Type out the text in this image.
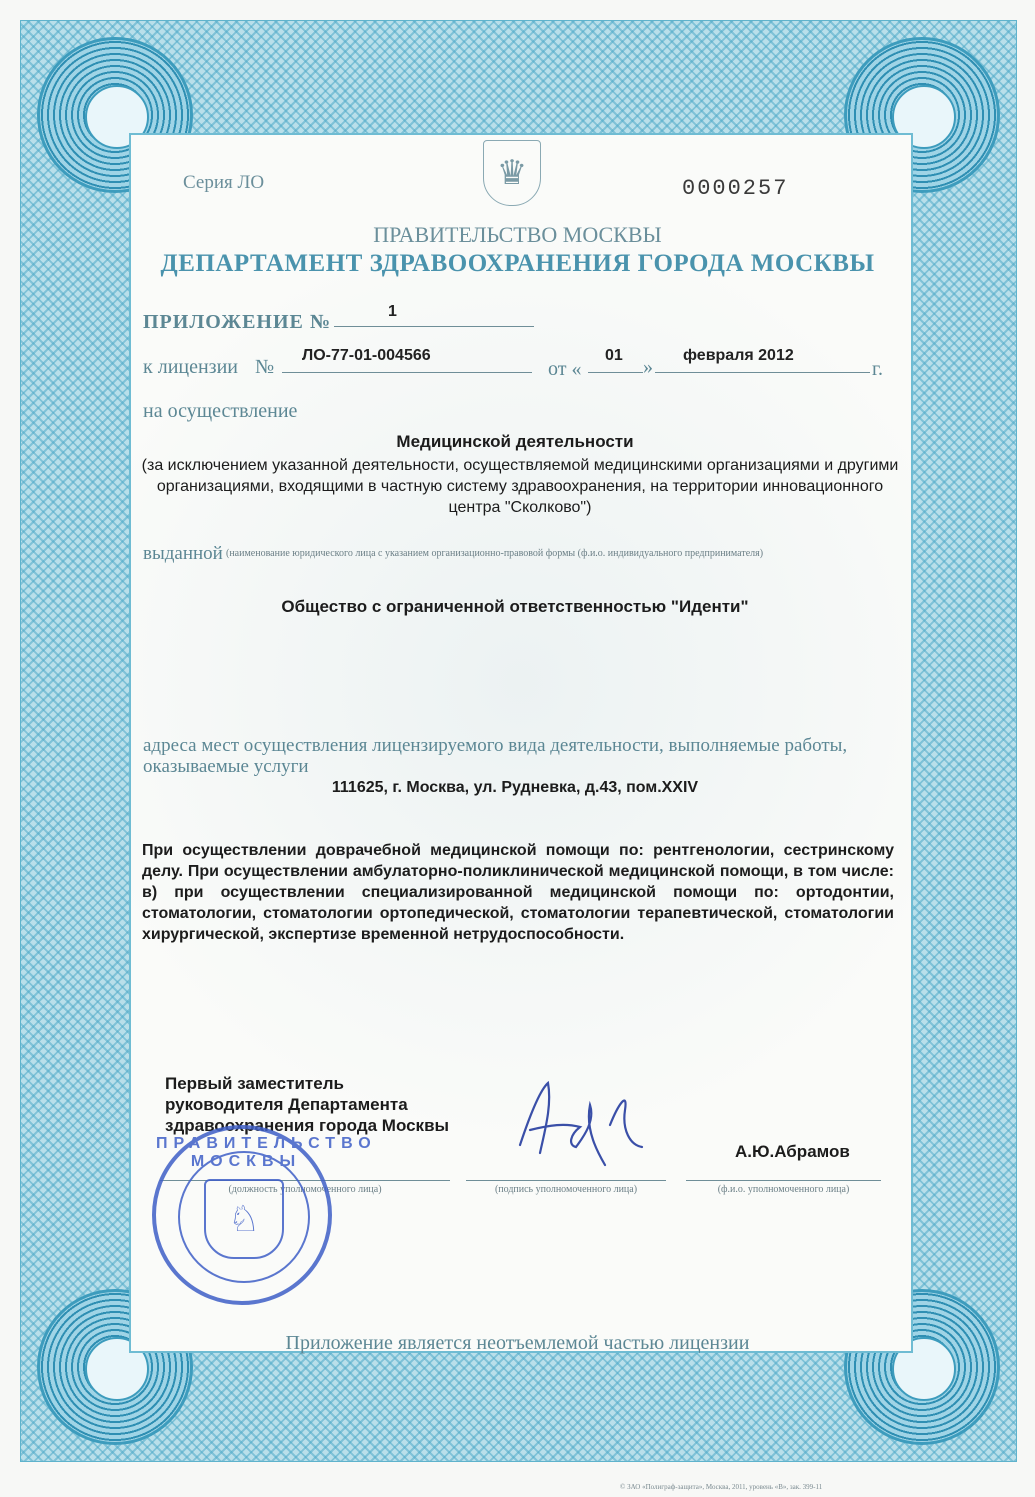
♛
Серия ЛО	0000257
ПРАВИТЕЛЬСТВО МОСКВЫ
ДЕПАРТАМЕНТ ЗДРАВООХРАНЕНИЯ ГОРОДА МОСКВЫ
ПРИЛОЖЕНИЕ №	1
к лицензии №
ЛО-77-01-004566
от «
01
»
февраля 2012
г.
на осуществление
Медицинской деятельности
(за исключением указанной деятельности, осуществляемой медицинскими организациями и другими организациями, входящими в частную систему здравоохранения, на территории инновационного центра "Сколково")
выданной (наименование юридического лица с указанием организационно-правовой формы (ф.и.о. индивидуального предпринимателя)
Общество с ограниченной ответственностью "Иденти"
адреса мест осуществления лицензируемого вида деятельности, выполняемые работы, оказываемые услуги
111625, г. Москва, ул. Рудневка, д.43, пом.XXIV
При осуществлении доврачебной медицинской помощи по: рентгенологии, сестринскому делу. При осуществлении амбулаторно-поликлинической медицинской помощи, в том числе: в) при осуществлении специализированной медицинской помощи по: ортодонтии, стоматологии, стоматологии ортопедической, стоматологии терапевтической, стоматологии хирургической, экспертизе временной нетрудоспособности.
Первый заместитель руководителя Департамента здравоохранения города Москвы
А.Ю.Абрамов
(должность уполномоченного лица)	(подпись уполномоченного лица)	(ф.и.о. уполномоченного лица)
ПРАВИТЕЛЬСТВО МОСКВЫ
♘
Приложение является неотъемлемой частью лицензии
© ЗАО «Полиграф-защита», Москва, 2011, уровень «В», зак. 399-11
